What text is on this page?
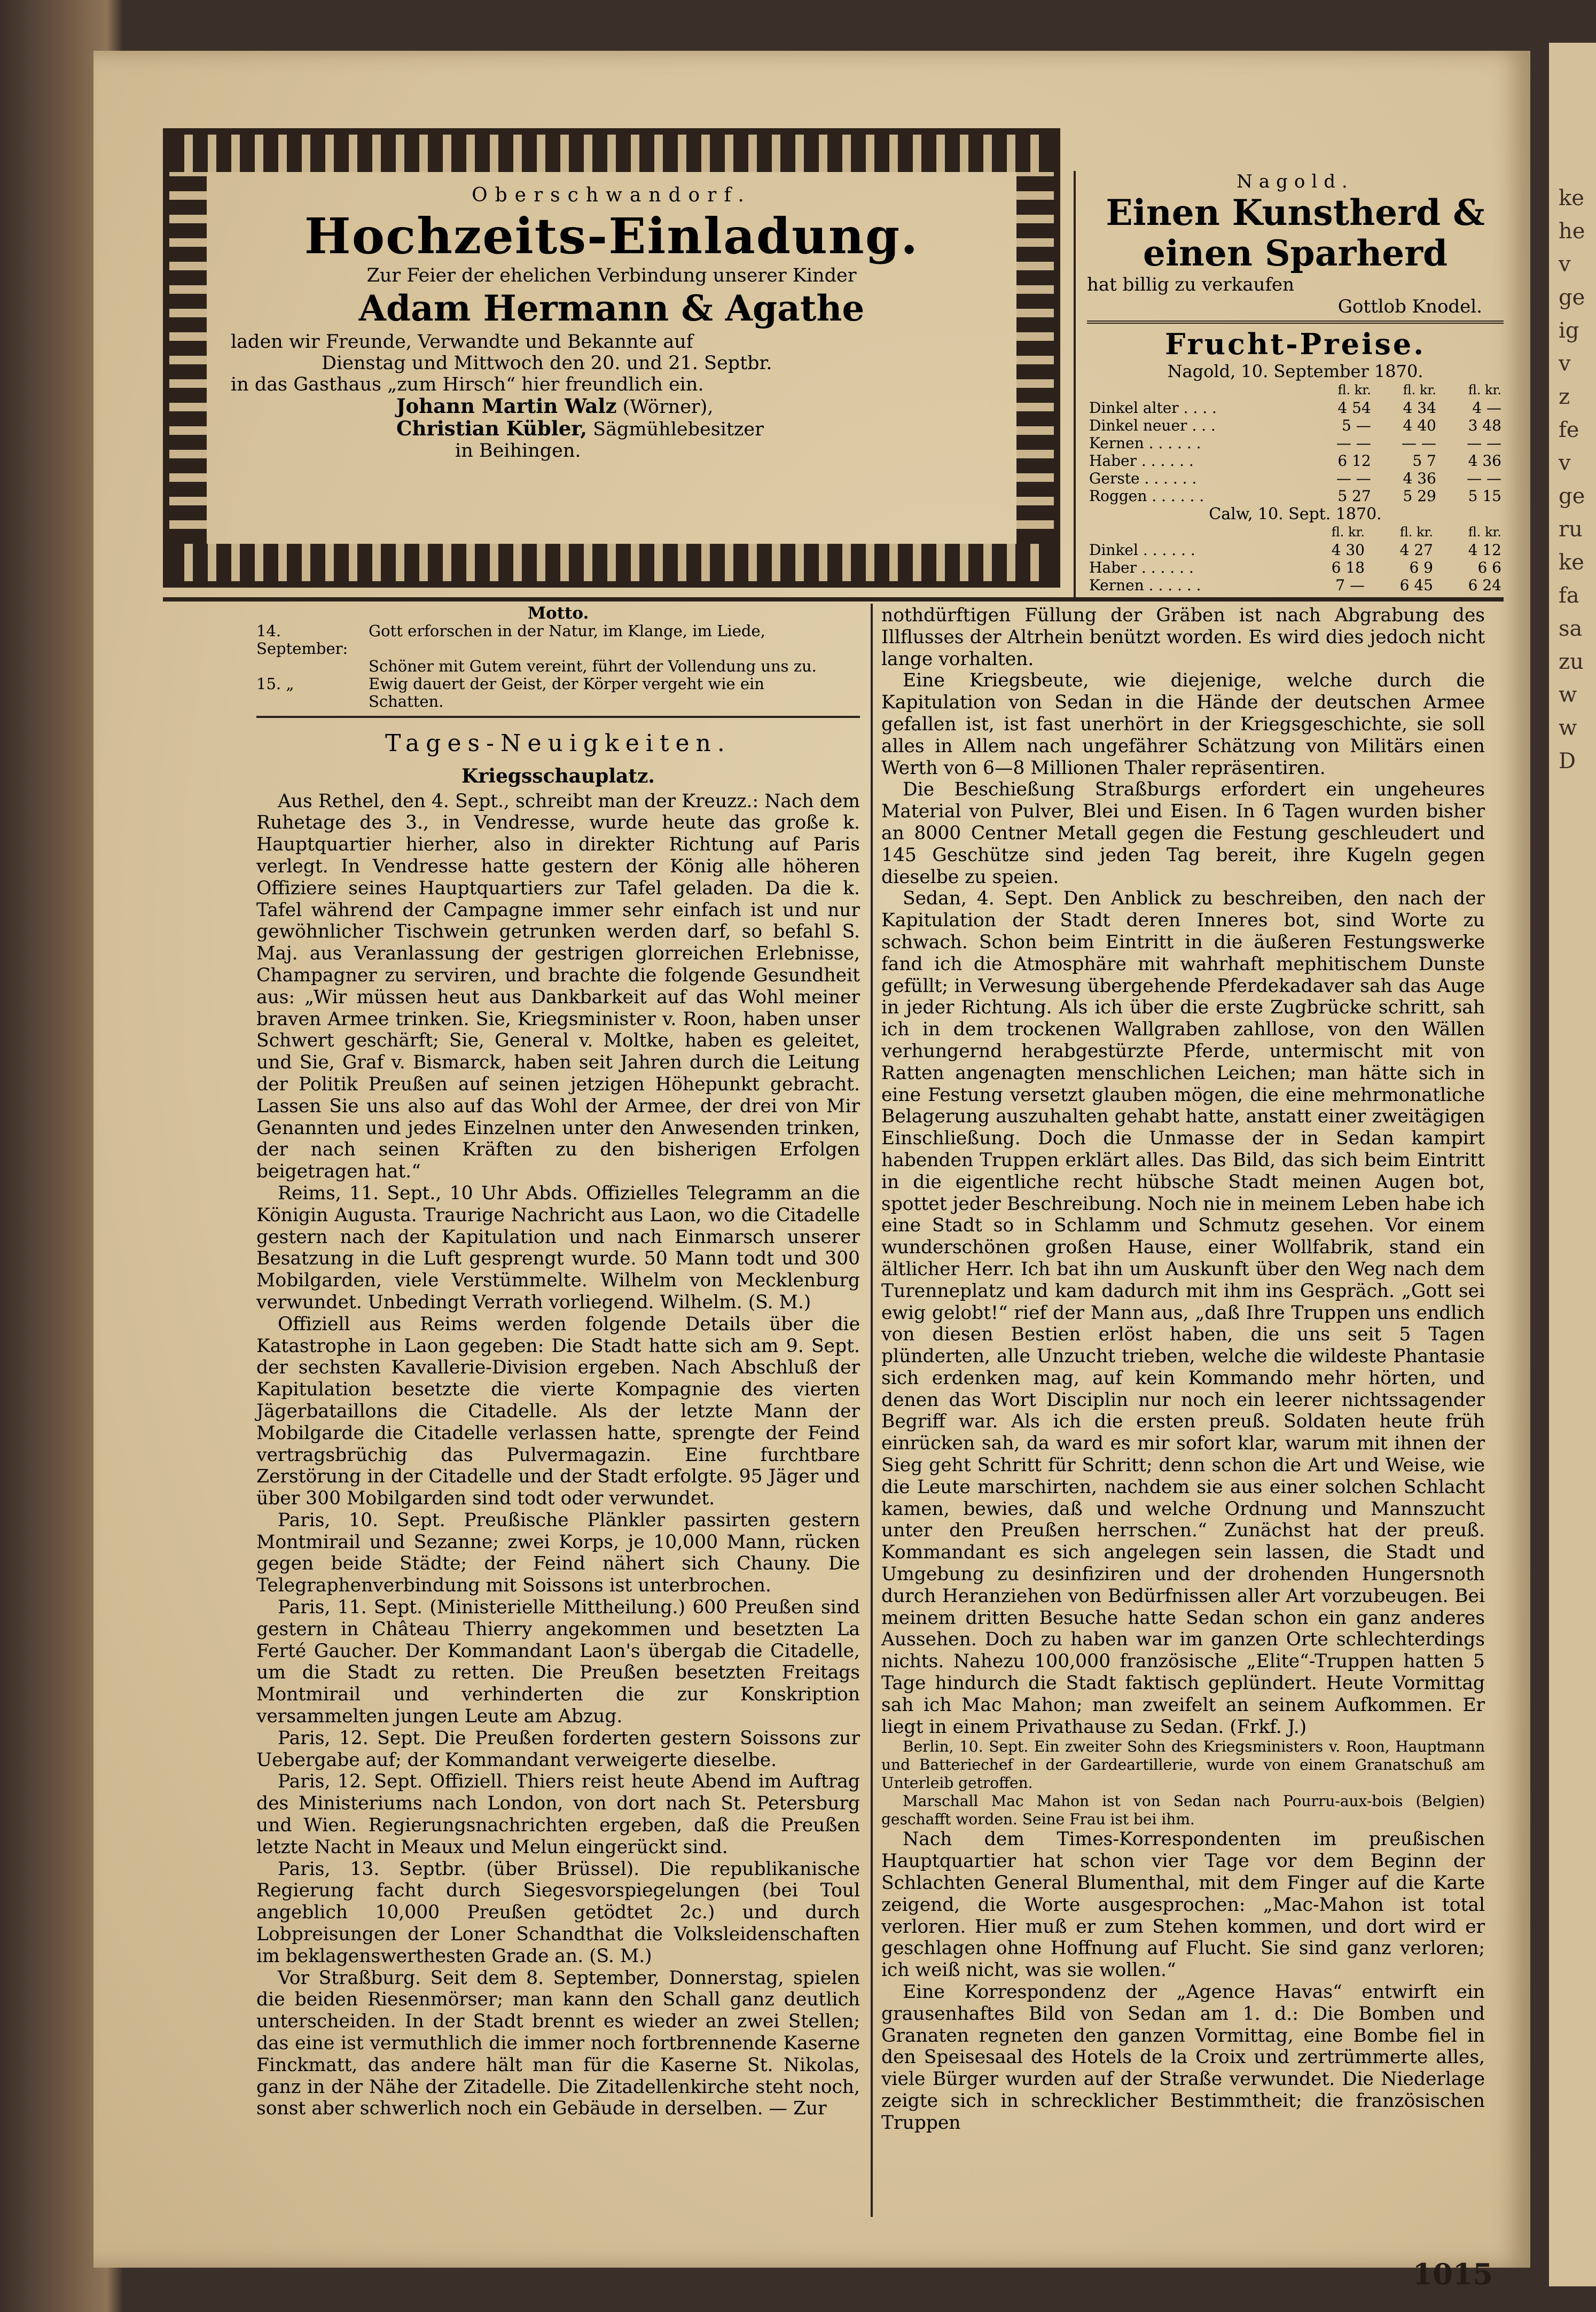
ke
he
v
ge
ig
v
z
fe
v
ge
ru
ke
fa
sa
zu
w
w
D
1015
Oberschwandorf.
Hochzeits-Einladung.
Zur Feier der ehelichen Verbindung unserer Kinder
Adam Hermann & Agathe
laden wir Freunde, Verwandte und Bekannte auf
Dienstag und Mittwoch den 20. und 21. Septbr.
in das Gasthaus „zum Hirsch“ hier freundlich ein.
Johann Martin Walz (Wörner),
Christian Kübler, Sägmühlebesitzer
in Beihingen.
Nagold.
Einen Kunstherd & einen Sparherd
hat billig zu verkaufen
Gottlob Knodel.
Frucht-Preise.
Nagold, 10. September 1870.
	fl. kr.	fl. kr.	fl. kr.
Dinkel alter . . . .	4 54	4 34	4 —
Dinkel neuer . . .	5 —	4 40	3 48
Kernen . . . . . .	— —	— —	— —
Haber . . . . . .	6 12	5 7	4 36
Gerste . . . . . .	— —	4 36	— —
Roggen . . . . . .	5 27	5 29	5 15
Calw, 10. Sept. 1870.
	fl. kr.	fl. kr.	fl. kr.
Dinkel . . . . . .	4 30	4 27	4 12
Haber . . . . . .	6 18	6 9	6 6
Kernen . . . . . .	7 —	6 45	6 24
Motto.
14. September:
Gott erforschen in der Natur, im Klange, im Liede,
Schöner mit Gutem vereint, führt der Vollendung uns zu.
15. „	Ewig dauert der Geist, der Körper vergeht wie ein
Schatten.
Tages-Neuigkeiten.
Kriegsschauplatz.

Aus Rethel, den 4. Sept., schreibt man der Kreuzz.: Nach dem Ruhetage des 3., in Vendresse, wurde heute das große k. Hauptquartier hierher, also in direkter Richtung auf Paris verlegt. In Vendresse hatte gestern der König alle höheren Offiziere seines Hauptquartiers zur Tafel geladen. Da die k. Tafel während der Campagne immer sehr einfach ist und nur gewöhnlicher Tischwein getrunken werden darf, so befahl S. Maj. aus Veranlassung der gestrigen glorreichen Erlebnisse, Champagner zu serviren, und brachte die folgende Gesundheit aus: „Wir müssen heut aus Dankbarkeit auf das Wohl meiner braven Armee trinken. Sie, Kriegsminister v. Roon, haben unser Schwert geschärft; Sie, General v. Moltke, haben es geleitet, und Sie, Graf v. Bismarck, haben seit Jahren durch die Leitung der Politik Preußen auf seinen jetzigen Höhepunkt gebracht. Lassen Sie uns also auf das Wohl der Armee, der drei von Mir Genannten und jedes Einzelnen unter den Anwesenden trinken, der nach seinen Kräften zu den bisherigen Erfolgen beigetragen hat.“

Reims, 11. Sept., 10 Uhr Abds. Offizielles Telegramm an die Königin Augusta. Traurige Nachricht aus Laon, wo die Citadelle gestern nach der Kapitulation und nach Einmarsch unserer Besatzung in die Luft gesprengt wurde. 50 Mann todt und 300 Mobilgarden, viele Verstümmelte. Wilhelm von Mecklenburg verwundet. Unbedingt Verrath vorliegend. Wilhelm. (S. M.)

Offiziell aus Reims werden folgende Details über die Katastrophe in Laon gegeben: Die Stadt hatte sich am 9. Sept. der sechsten Kavallerie-Division ergeben. Nach Abschluß der Kapitulation besetzte die vierte Kompagnie des vierten Jägerbataillons die Citadelle. Als der letzte Mann der Mobilgarde die Citadelle verlassen hatte, sprengte der Feind vertragsbrüchig das Pulvermagazin. Eine furchtbare Zerstörung in der Citadelle und der Stadt erfolgte. 95 Jäger und über 300 Mobilgarden sind todt oder verwundet.

Paris, 10. Sept. Preußische Plänkler passirten gestern Montmirail und Sezanne; zwei Korps, je 10,000 Mann, rücken gegen beide Städte; der Feind nähert sich Chauny. Die Telegraphenverbindung mit Soissons ist unterbrochen.

Paris, 11. Sept. (Ministerielle Mittheilung.) 600 Preußen sind gestern in Château Thierry angekommen und besetzten La Ferté Gaucher. Der Kommandant Laon's übergab die Citadelle, um die Stadt zu retten. Die Preußen besetzten Freitags Montmirail und verhinderten die zur Konskription versammelten jungen Leute am Abzug.

Paris, 12. Sept. Die Preußen forderten gestern Soissons zur Uebergabe auf; der Kommandant verweigerte dieselbe.

Paris, 12. Sept. Offiziell. Thiers reist heute Abend im Auftrag des Ministeriums nach London, von dort nach St. Petersburg und Wien. Regierungsnachrichten ergeben, daß die Preußen letzte Nacht in Meaux und Melun eingerückt sind.

Paris, 13. Septbr. (über Brüssel). Die republikanische Regierung facht durch Siegesvorspiegelungen (bei Toul angeblich 10,000 Preußen getödtet 2c.) und durch Lobpreisungen der Loner Schandthat die Volksleidenschaften im beklagenswerthesten Grade an. (S. M.)

Vor Straßburg. Seit dem 8. September, Donnerstag, spielen die beiden Riesenmörser; man kann den Schall ganz deutlich unterscheiden. In der Stadt brennt es wieder an zwei Stellen; das eine ist vermuthlich die immer noch fortbrennende Kaserne Finckmatt, das andere hält man für die Kaserne St. Nikolas, ganz in der Nähe der Zitadelle. Die Zitadellenkirche steht noch, sonst aber schwerlich noch ein Gebäude in derselben. — Zur

nothdürftigen Füllung der Gräben ist nach Abgrabung des Illflusses der Altrhein benützt worden. Es wird dies jedoch nicht lange vorhalten.

Eine Kriegsbeute, wie diejenige, welche durch die Kapitulation von Sedan in die Hände der deutschen Armee gefallen ist, ist fast unerhört in der Kriegsgeschichte, sie soll alles in Allem nach ungefährer Schätzung von Militärs einen Werth von 6—8 Millionen Thaler repräsentiren.

Die Beschießung Straßburgs erfordert ein ungeheures Material von Pulver, Blei und Eisen. In 6 Tagen wurden bisher an 8000 Centner Metall gegen die Festung geschleudert und 145 Geschütze sind jeden Tag bereit, ihre Kugeln gegen dieselbe zu speien.

Sedan, 4. Sept. Den Anblick zu beschreiben, den nach der Kapitulation der Stadt deren Inneres bot, sind Worte zu schwach. Schon beim Eintritt in die äußeren Festungswerke fand ich die Atmosphäre mit wahrhaft mephitischem Dunste gefüllt; in Verwesung übergehende Pferdekadaver sah das Auge in jeder Richtung. Als ich über die erste Zugbrücke schritt, sah ich in dem trockenen Wallgraben zahllose, von den Wällen verhungernd herabgestürzte Pferde, untermischt mit von Ratten angenagten menschlichen Leichen; man hätte sich in eine Festung versetzt glauben mögen, die eine mehrmonatliche Belagerung auszuhalten gehabt hatte, anstatt einer zweitägigen Einschließung. Doch die Unmasse der in Sedan kampirt habenden Truppen erklärt alles. Das Bild, das sich beim Eintritt in die eigentliche recht hübsche Stadt meinen Augen bot, spottet jeder Beschreibung. Noch nie in meinem Leben habe ich eine Stadt so in Schlamm und Schmutz gesehen. Vor einem wunderschönen großen Hause, einer Wollfabrik, stand ein ältlicher Herr. Ich bat ihn um Auskunft über den Weg nach dem Turenneplatz und kam dadurch mit ihm ins Gespräch. „Gott sei ewig gelobt!“ rief der Mann aus, „daß Ihre Truppen uns endlich von diesen Bestien erlöst haben, die uns seit 5 Tagen plünderten, alle Unzucht trieben, welche die wildeste Phantasie sich erdenken mag, auf kein Kommando mehr hörten, und denen das Wort Disciplin nur noch ein leerer nichtssagender Begriff war. Als ich die ersten preuß. Soldaten heute früh einrücken sah, da ward es mir sofort klar, warum mit ihnen der Sieg geht Schritt für Schritt; denn schon die Art und Weise, wie die Leute marschirten, nachdem sie aus einer solchen Schlacht kamen, bewies, daß und welche Ordnung und Mannszucht unter den Preußen herrschen.“ Zunächst hat der preuß. Kommandant es sich angelegen sein lassen, die Stadt und Umgebung zu desinfiziren und der drohenden Hungersnoth durch Heranziehen von Bedürfnissen aller Art vorzubeugen. Bei meinem dritten Besuche hatte Sedan schon ein ganz anderes Aussehen. Doch zu haben war im ganzen Orte schlechterdings nichts. Nahezu 100,000 französische „Elite“-Truppen hatten 5 Tage hindurch die Stadt faktisch geplündert. Heute Vormittag sah ich Mac Mahon; man zweifelt an seinem Aufkommen. Er liegt in einem Privathause zu Sedan. (Frkf. J.)

Berlin, 10. Sept. Ein zweiter Sohn des Kriegsministers v. Roon, Hauptmann und Batteriechef in der Gardeartillerie, wurde von einem Granatschuß am Unterleib getroffen.

Marschall Mac Mahon ist von Sedan nach Pourru-aux-bois (Belgien) geschafft worden. Seine Frau ist bei ihm.

Nach dem Times-Korrespondenten im preußischen Hauptquartier hat schon vier Tage vor dem Beginn der Schlachten General Blumenthal, mit dem Finger auf die Karte zeigend, die Worte ausgesprochen: „Mac-Mahon ist total verloren. Hier muß er zum Stehen kommen, und dort wird er geschlagen ohne Hoffnung auf Flucht. Sie sind ganz verloren; ich weiß nicht, was sie wollen.“

Eine Korrespondenz der „Agence Havas“ entwirft ein grausenhaftes Bild von Sedan am 1. d.: Die Bomben und Granaten regneten den ganzen Vormittag, eine Bombe fiel in den Speisesaal des Hotels de la Croix und zertrümmerte alles, viele Bürger wurden auf der Straße verwundet. Die Niederlage zeigte sich in schrecklicher Bestimmtheit; die französischen Truppen
